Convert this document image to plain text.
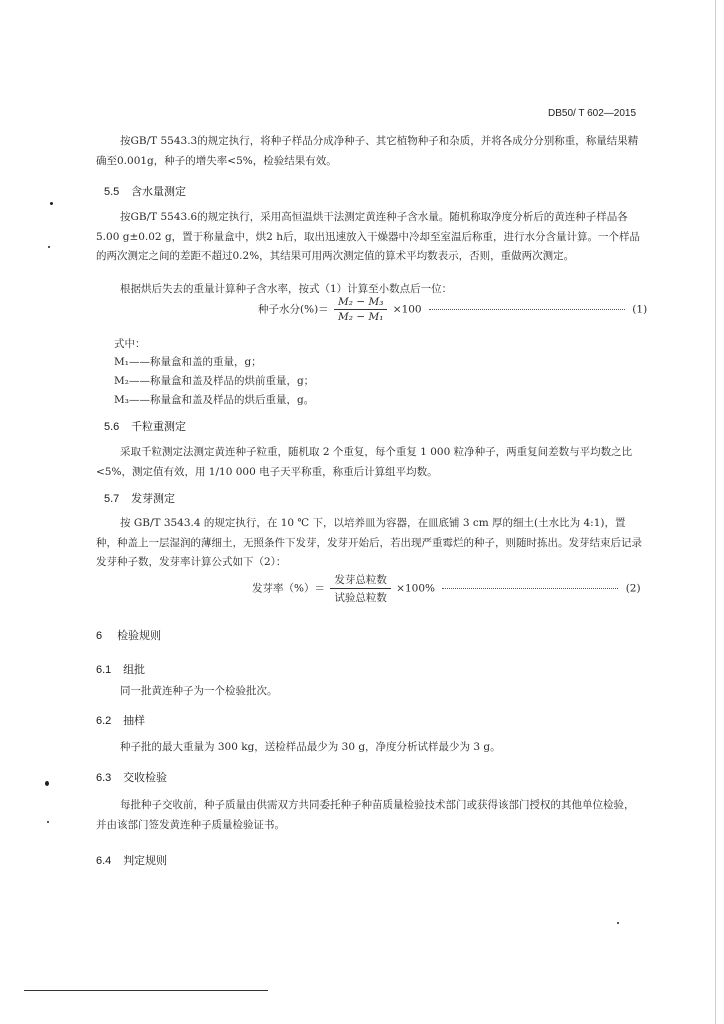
DB50/ T 602—2015

按GB/T 5543.3的规定执行，将种子样品分成净种子、其它植物种子和杂质，并将各成分分别称重，称量结果精确至0.001g，种子的增失率<5%，检验结果有效。

5.5 含水量测定

按GB/T 5543.6的规定执行，采用高恒温烘干法测定黄连种子含水量。随机称取净度分析后的黄连种子样品各5.00 g±0.02 g，置于称量盒中，烘2 h后，取出迅速放入干燥器中冷却至室温后称重，进行水分含量计算。一个样品的两次测定之间的差距不超过0.2%，其结果可用两次测定值的算术平均数表示，否则，重做两次测定。

根据烘后失去的重量计算种子含水率，按式（1）计算至小数点后一位：

种子水分(%)＝ $\frac{\text{M₂ − M₃}}{\text{M₂ − M₁}} \times 100$	(1)
式中：
M₁——称量盒和盖的重量，g；
M₂——称量盒和盖及样品的烘前重量，g；
M₃——称量盒和盖及样品的烘后重量，g。
5.6 千粒重测定

采取千粒测定法测定黄连种子粒重，随机取 2 个重复，每个重复 1 000 粒净种子，两重复间差数与平均数之比<5%，测定值有效，用 1/10 000 电子天平称重，称重后计算组平均数。

5.7 发芽测定

按 GB/T 3543.4 的规定执行，在 10 ℃ 下，以培养皿为容器，在皿底铺 3 cm 厚的细土(土水比为 4:1)，置种，种盖上一层湿润的薄细土，无照条件下发芽，发芽开始后，若出现严重霉烂的种子，则随时拣出。发芽结束后记录发芽种子数，发芽率计算公式如下（2）：

发芽率（%）＝ $\frac{\text{发芽总粒数}}{\text{试验总粒数}} \times 100\%$	(2)
6 检验规则
6.1 组批

同一批黄连种子为一个检验批次。

6.2 抽样

种子批的最大重量为 300 kg，送检样品最少为 30 g，净度分析试样最少为 3 g。

6.3 交收检验

每批种子交收前，种子质量由供需双方共同委托种子种苗质量检验技术部门或获得该部门授权的其他单位检验，并由该部门签发黄连种子质量检验证书。

6.4 判定规则
